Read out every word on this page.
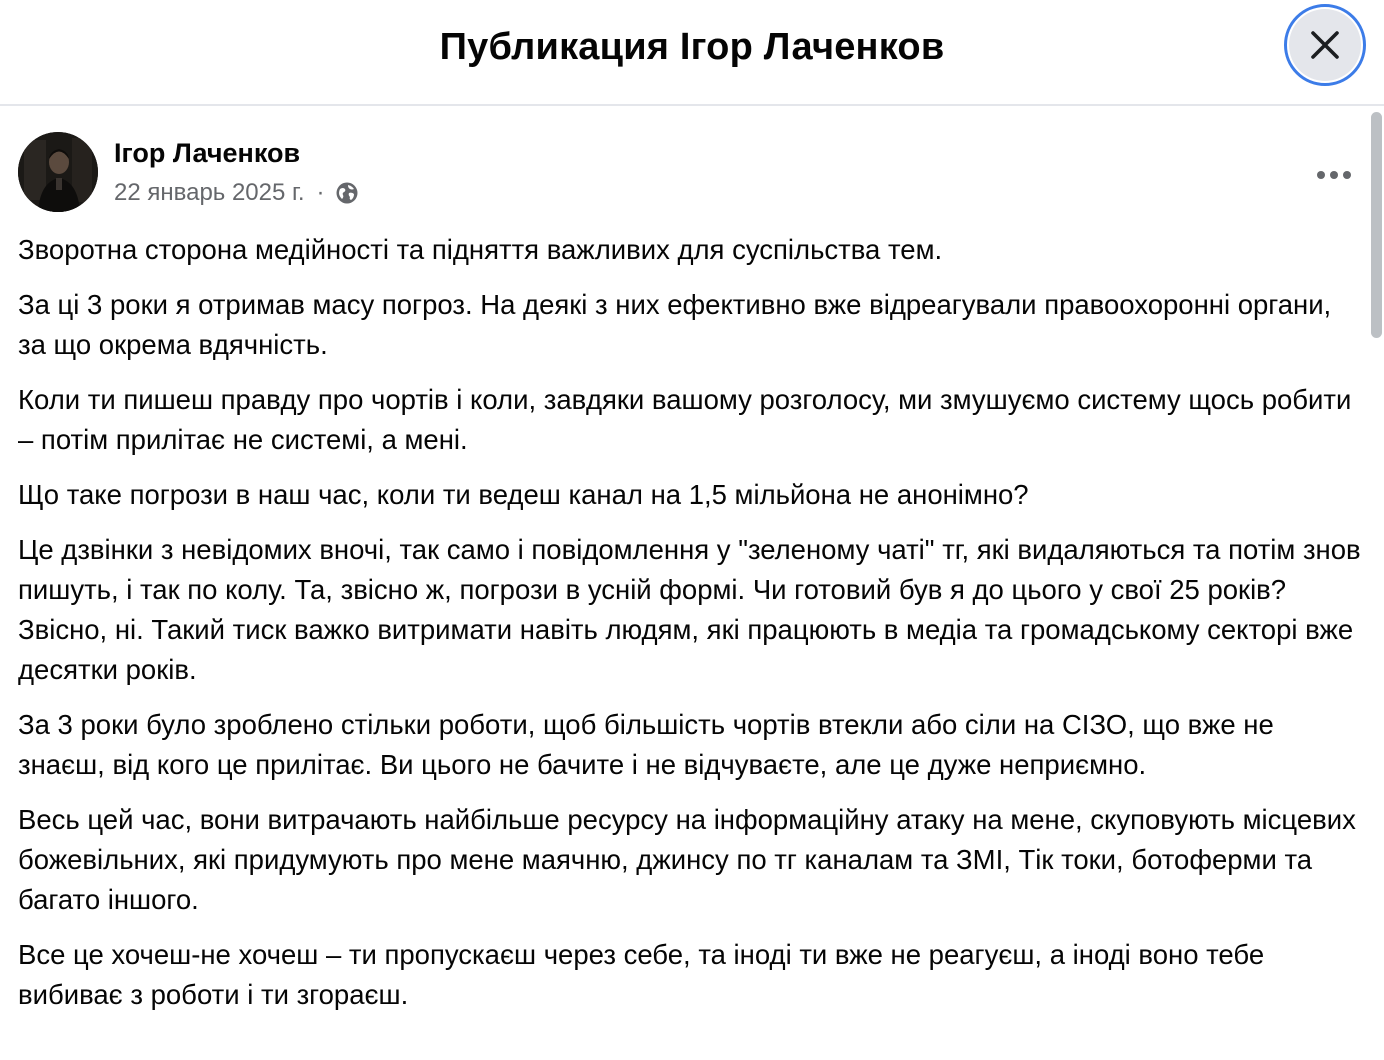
Публикация Ігор Лаченков
Ігор Лаченков
22 январь 2025 г. ·

Зворотна сторона медійності та підняття важливих для суспільства тем.

За ці 3 роки я отримав масу погроз. На деякі з них ефективно вже відреагували правоохоронні органи, за що окрема вдячність.

Коли ти пишеш правду про чортів і коли, завдяки вашому розголосу, ми змушуємо систему щось робити – потім прилітає не системі, а мені.

Що таке погрози в наш час, коли ти ведеш канал на 1,5 мільйона не анонімно?

Це дзвінки з невідомих вночі, так само і повідомлення у "зеленому чаті" тг, які видаляються та потім знов пишуть, і так по колу. Та, звісно ж, погрози в усній формі. Чи готовий був я до цього у свої 25 років? Звісно, ні. Такий тиск важко витримати навіть людям, які працюють в медіа та громадському секторі вже десятки років.

За 3 роки було зроблено стільки роботи, щоб більшість чортів втекли або сіли на СІЗО, що вже не знаєш, від кого це прилітає. Ви цього не бачите і не відчуваєте, але це дуже неприємно.

Весь цей час, вони витрачають найбільше ресурсу на інформаційну атаку на мене, скуповують місцевих божевільних, які придумують про мене маячню, джинсу по тг каналам та ЗМІ, Тік токи, ботоферми та багато іншого.

Все це хочеш-не хочеш – ти пропускаєш через себе, та іноді ти вже не реагуєш, а іноді воно тебе вибиває з роботи і ти згораєш.
